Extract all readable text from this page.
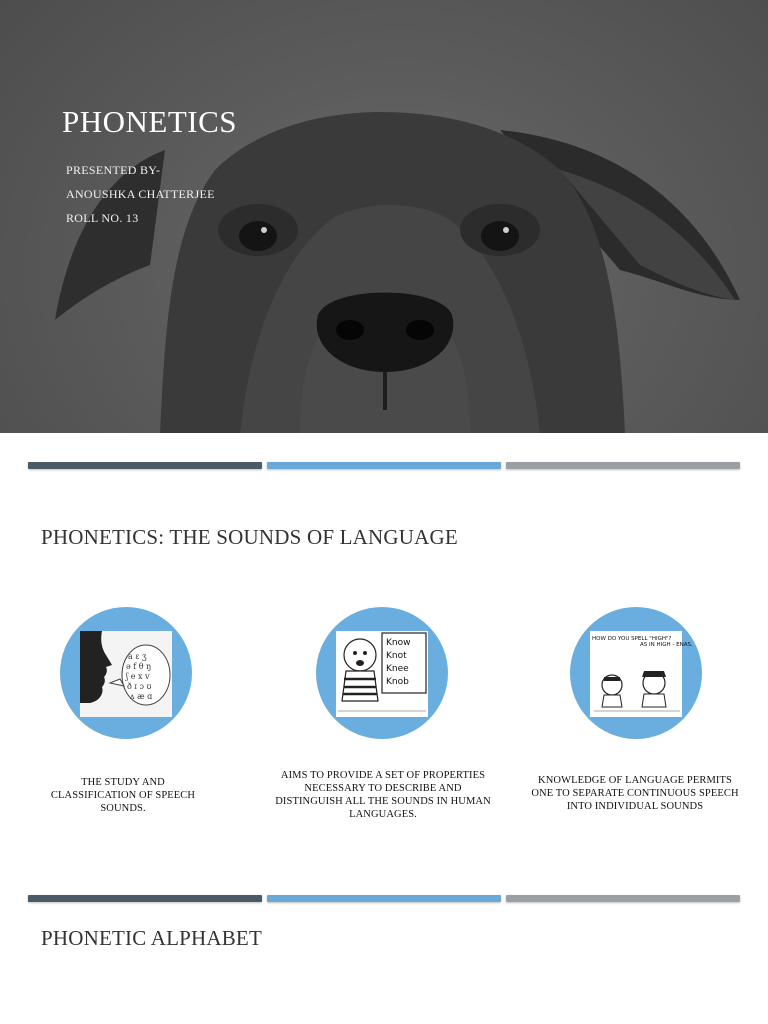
PHONETICS
PRESENTED BY-
ANOUSHKA CHATTERJEE
ROLL NO. 13
PHONETICS: THE SOUNDS OF LANGUAGE
a ɛ ʒ
ə f θ ŋ
ʃ e x v
ð ɪ ɔ ʊ
ʌ æ ɑ
THE STUDY AND CLASSIFICATION OF SPEECH SOUNDS.
Know
Knot
Knee
Knob
AIMS TO PROVIDE A SET OF PROPERTIES NECESSARY TO DESCRIBE AND DISTINGUISH ALL THE SOUNDS IN HUMAN LANGUAGES.
HOW DO YOU SPELL "HIGH"?
AS IN HIGH - ENAS.
KNOWLEDGE OF LANGUAGE PERMITS ONE TO SEPARATE CONTINUOUS SPEECH INTO INDIVIDUAL SOUNDS
PHONETIC ALPHABET
